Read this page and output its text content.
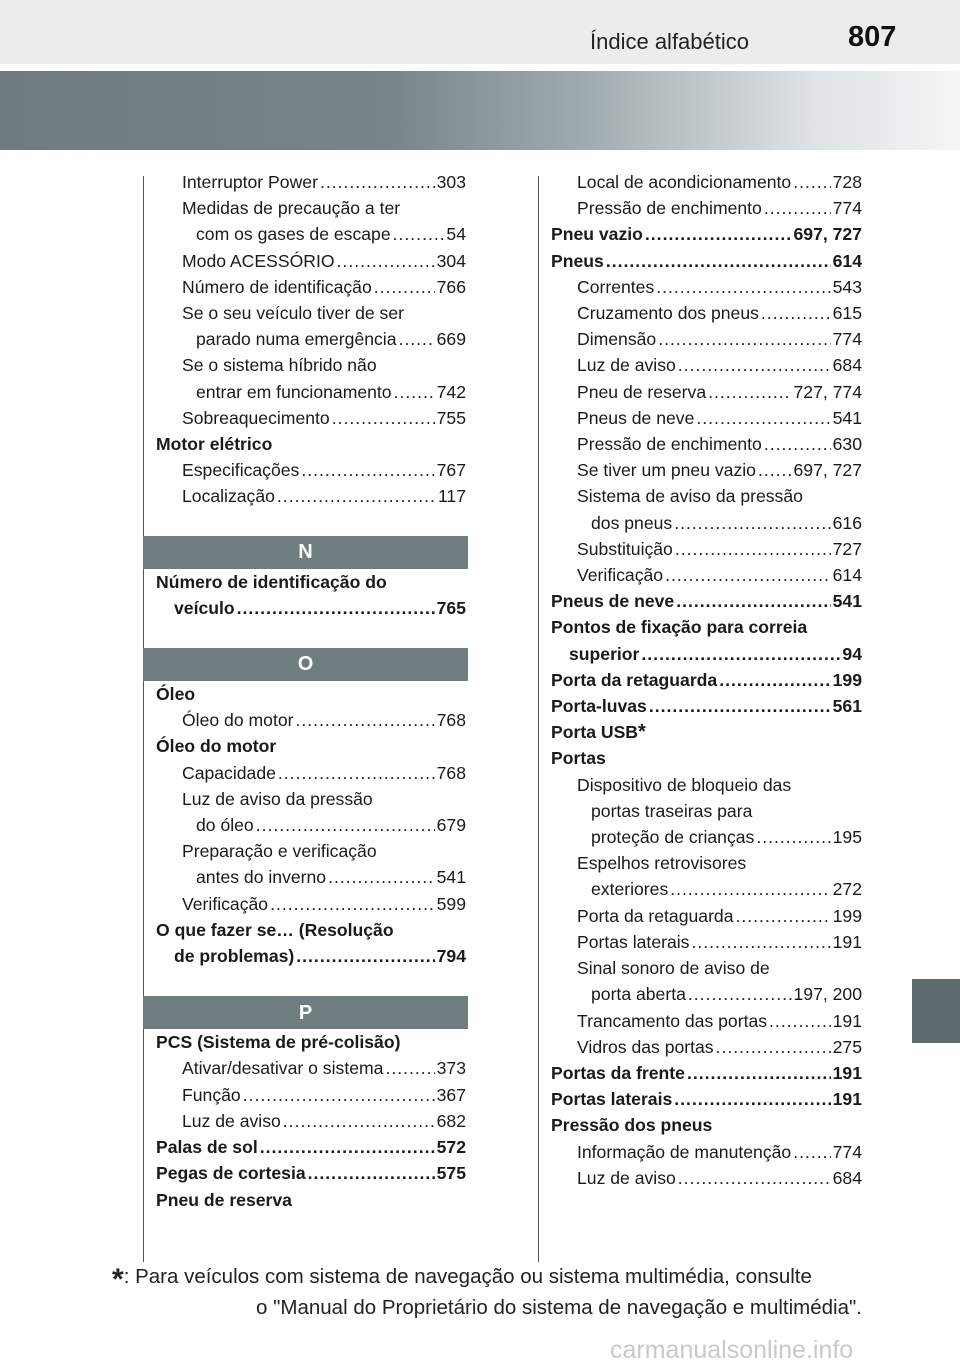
Índice alfabético	807
Interruptor Power .....	303
Medidas de precaução a ter
com os gases de escape .....	54
Modo ACESSÓRIO .....	304
Número de identificação .....	766
Se o seu veículo tiver de ser
parado numa emergência ..... 669
Se o sistema híbrido não
entrar em funcionamento .....	742
Sobreaquecimento .....	755
Motor elétrico
Especificações .....	767
Localização .....	117
N
Número de identificação do
veículo .....	765
O
Óleo
Óleo do motor .....	768
Óleo do motor
Capacidade .....	768
Luz de aviso da pressão
do óleo .....	679
Preparação e verificação
antes do inverno .....	541
Verificação .....	599
O que fazer se… (Resolução
de problemas) .....	794
P
PCS (Sistema de pré-colisão)
Ativar/desativar o sistema .....	373
Função .....	367
Luz de aviso .....	682
Palas de sol .....	572
Pegas de cortesia .....	575
Pneu de reserva
Local de acondicionamento ..... 728
Pressão de enchimento .....	774
Pneu vazio .....	697, 727
Pneus .....	614
Correntes .....	543
Cruzamento dos pneus .....	615
Dimensão .....	774
Luz de aviso .....	684
Pneu de reserva .....	727, 774
Pneus de neve .....	541
Pressão de enchimento .....	630
Se tiver um pneu vazio ..... 697, 727
Sistema de aviso da pressão
dos pneus .....	616
Substituição .....	727
Verificação .....	614
Pneus de neve .....	541
Pontos de fixação para correia
superior .....	94
Porta da retaguarda .....	199
Porta-luvas .....	561
Porta USB *
Portas
Dispositivo de bloqueio das
portas traseiras para
proteção de crianças .....	195
Espelhos retrovisores
exteriores .....	272
Porta da retaguarda .....	199
Portas laterais .....	191
Sinal sonoro de aviso de
porta aberta .....	197, 200
Trancamento das portas .....	191
Vidros das portas .....	275
Portas da frente .....	191
Portas laterais .....	191
Pressão dos pneus
Informação de manutenção ..... 774
Luz de aviso .....	684
*: Para veículos com sistema de navegação ou sistema multimédia, consulte
o "Manual do Proprietário do sistema de navegação e multimédia".
carmanualsonline.info
